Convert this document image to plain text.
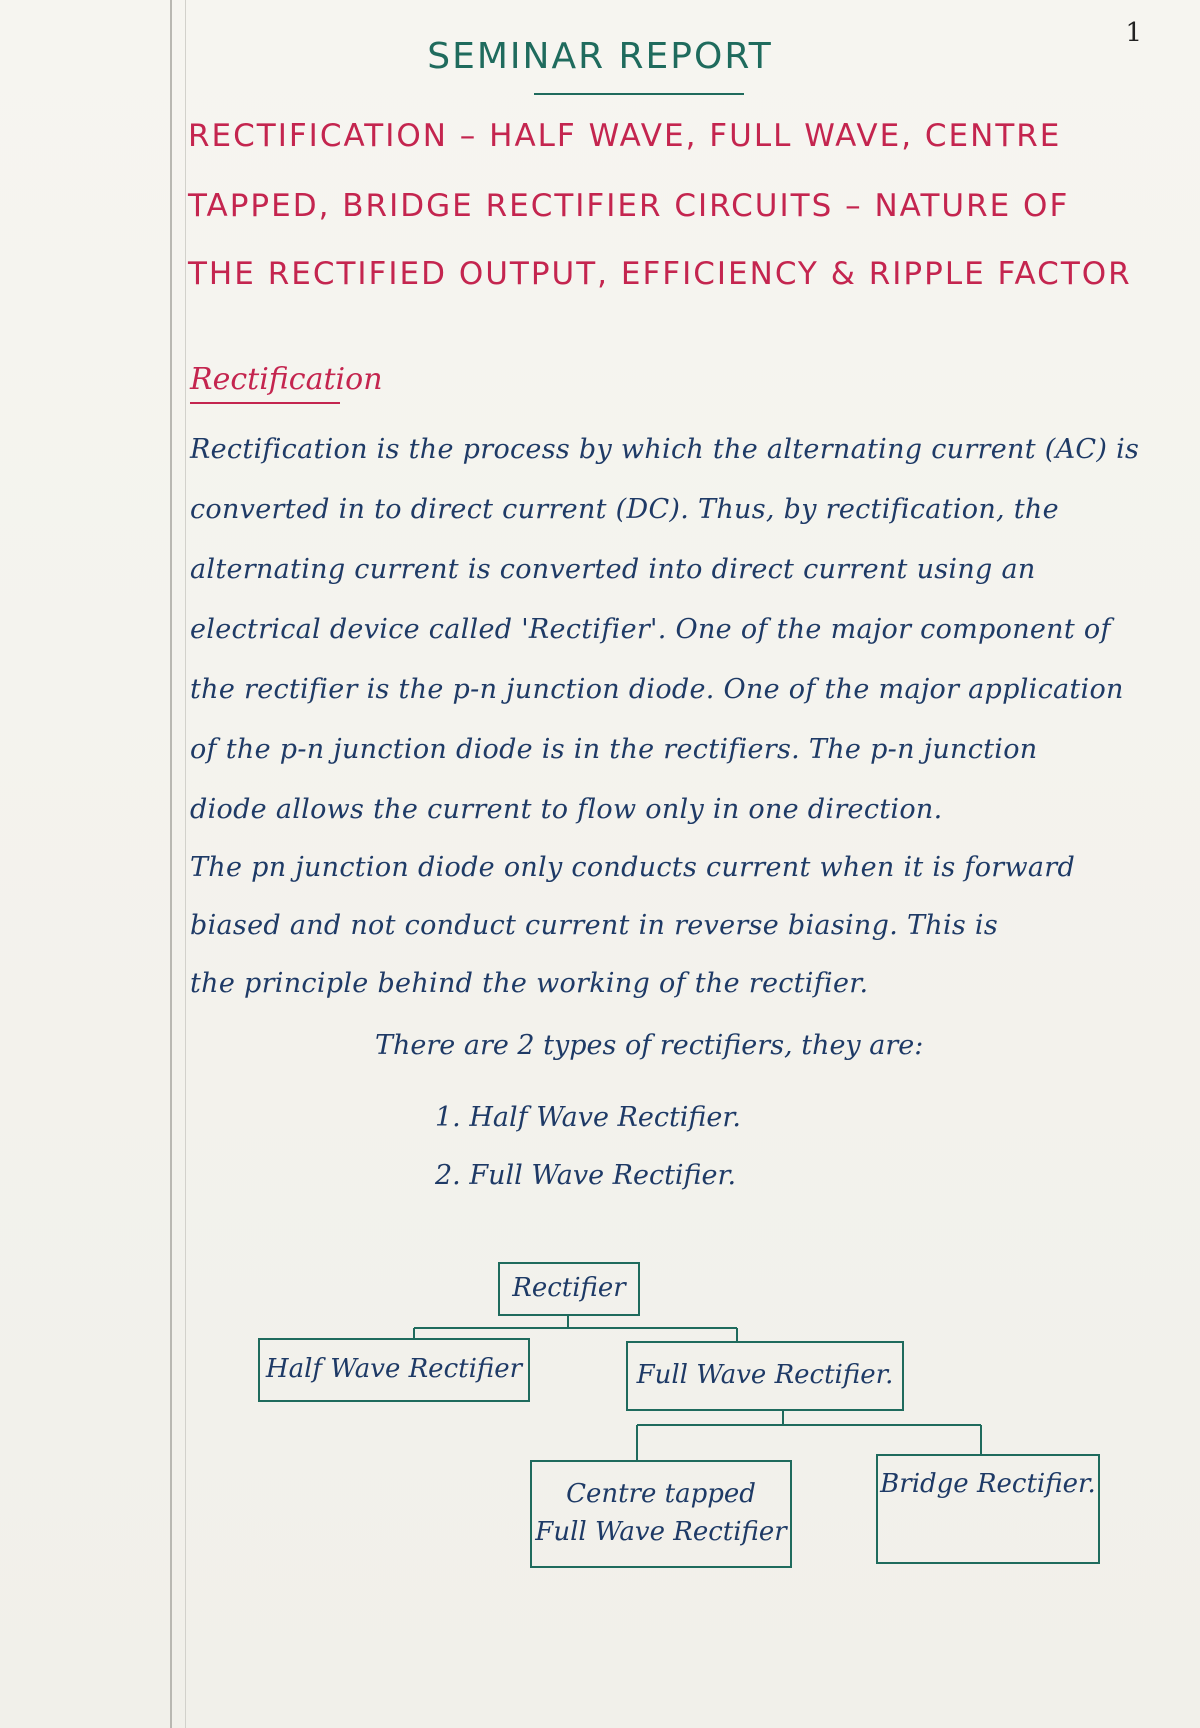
1
SEMINAR REPORT
RECTIFICATION – HALF WAVE, FULL WAVE, CENTRE
TAPPED, BRIDGE RECTIFIER CIRCUITS – NATURE OF
THE RECTIFIED OUTPUT, EFFICIENCY & RIPPLE FACTOR
Rectification
Rectification is the process by which the alternating current (AC) is
converted in to direct current (DC). Thus, by rectification, the
alternating current is converted into direct current using an
electrical device called 'Rectifier'. One of the major component of
the rectifier is the p-n junction diode. One of the major application
of the p-n junction diode is in the rectifiers. The p-n junction
diode allows the current to flow only in one direction.
The pn junction diode only conducts current when it is forward
biased and not conduct current in reverse biasing. This is
the principle behind the working of the rectifier.
There are 2 types of rectifiers, they are:
1. Half Wave Rectifier.
2. Full Wave Rectifier.
Rectifier
Half Wave Rectifier	Full Wave Rectifier.
Centre tapped
Full Wave Rectifier
Bridge Rectifier.
